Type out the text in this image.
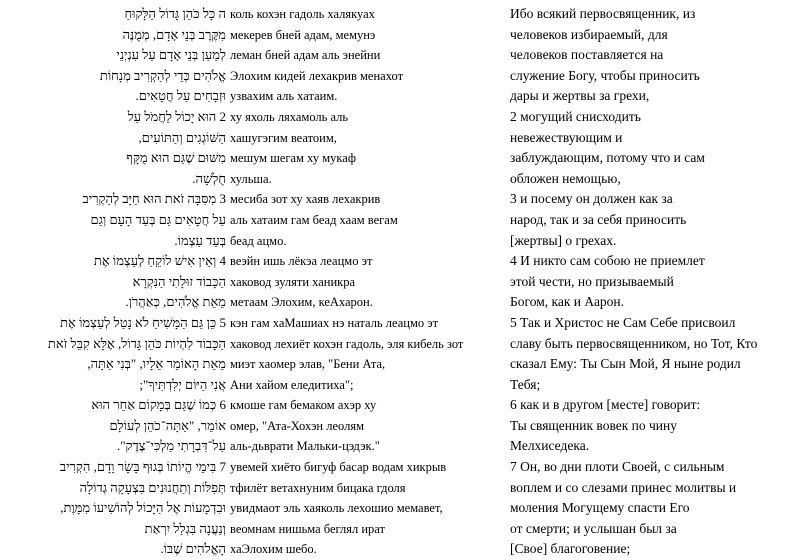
ה כָּל כֹּהֵן גָּדוֹל הַלָּקוּחַ
מִקֶּרֶב בְּנֵי אָדָם, מְמֻנֶּה
לְמַעַן בְּנֵי אָדָם עַל עִנְיְנֵי
אֱלֹהִים כְּדֵי לְהַקְרִיב מְנָחוֹת
וּזְבָחִים עַל חֲטָאִים.
2 הוּא יָכוֹל לַחֲמֹל עַל
הַשּׁוֹגְגִים וְהַתּוֹעִים,
מִשּׁוּם שֶׁגַּם הוּא מֻקָּף
חֻלְשָׁה.
3 מִסִּבָּה זֹאת הוּא חַיָּב לְהַקְרִיב
עַל חֲטָאִים גַּם בְּעַד הָעָם וְגַם
בְּעַד עַצְמוֹ.
4 וְאֵין אִישׁ לוֹקֵחַ לְעַצְמוֹ אֶת
הַכָּבוֹד זוּלָתִי הַנִּקְרָא
מֵאֵת אֱלֹהִים, כְּאַהֲרֹן.
5 כֵּן גַּם הַמָּשִׁיחַ לֹא נָטַל לְעַצְמוֹ אֶת
הַכָּבוֹד לִהְיוֹת כֹּהֵן גָּדוֹל, אֶלָּא קִבֵּל זֹאת
מֵאֵת הָאוֹמֵר אֵלָיו, "בְּנִי אַתָּה,
אֲנִי הַיּוֹם יְלִדְתִּיךָ";
6 כְּמוֹ שֶׁגַּם בְּמָקוֹם אַחֵר הוּא
אוֹמֵר, "אַתָּה־כֹהֵן לְעוֹלָם
עַל־דִּבְרָתִי מַלְכִּי־צֶדֶק".
7 בִּימֵי הֱיוֹתוֹ בְּגוּף בָּשָׂר וָדָם, הִקְרִיב
תְּפִלּוֹת וְתַחֲנוּנִים בִּצְעָקָה גְדוֹלָה
וּבִדְמָעוֹת אֶל הַיָּכוֹל לְהוֹשִׁיעוֹ מִמָּוֶת,
וְנַעֲנָה בִּגְלַל יִרְאַת
הָאֱלֹהִים שֶׁבּוֹ.
коль кохэн гадоль халякуах
мекерев бней адам, мемунэ
леман бней адам аль энейни
Элохим кидей лехакрив менахот
узвахим аль хатаим.
ху яхоль ляхамоль аль
хашугэгим веатоим,
мешум шегам ху мукаф
хульша.
месиба зот ху хаяв лехакрив
аль хатаим гам беад хаам вегам
беад ацмо.
веэйн ишь лёкэа леацмо эт
хаковод зуляти ханикра
метаам Элохим, кеАхарон.
кэн гам хаМашиах нэ наталь леацмо эт
хаковод лехиёт кохэн гадоль, эля кибель зот
миэт хаомер элав, "Бени Ата,
Ани хайом еледитиха";
кмоше гам бемаком ахэр ху
омер, "Ата-Хохэн леолям
аль-дьврати Мальки-цэдэк."
увемей хиёто бигуф басар водам хикрыв
тфилёт ветахнуним бицака гдоля
увидмаот эль хаяколь лехошио мемавет,
веомнам нишьма беглял ират
хаЭлохим шебо.
Ибо всякий первосвященник, из
человеков избираемый, для
человеков поставляется на
служение Богу, чтобы приносить
дары и жертвы за грехи,
2 могущий снисходить
невежествующим и
заблуждающим, потому что и сам
обложен немощью,
3 и посему он должен как за
народ, так и за себя приносить
[жертвы] о грехах.
4 И никто сам собою не приемлет
этой чести, но призываемый
Богом, как и Аарон.
5 Так и Христос не Сам Себе присвоил
славу быть первосвященником, но Тот, Кто
сказал Ему: Ты Сын Мой, Я ныне родил
Тебя;
6 как и в другом [месте] говорит:
Ты священник вовек по чину
Мелхиседека.
7 Он, во дни плоти Своей, с сильным
воплем и со слезами принес молитвы и
моления Могущему спасти Его
от смерти; и услышан был за
[Свое] благоговение;
